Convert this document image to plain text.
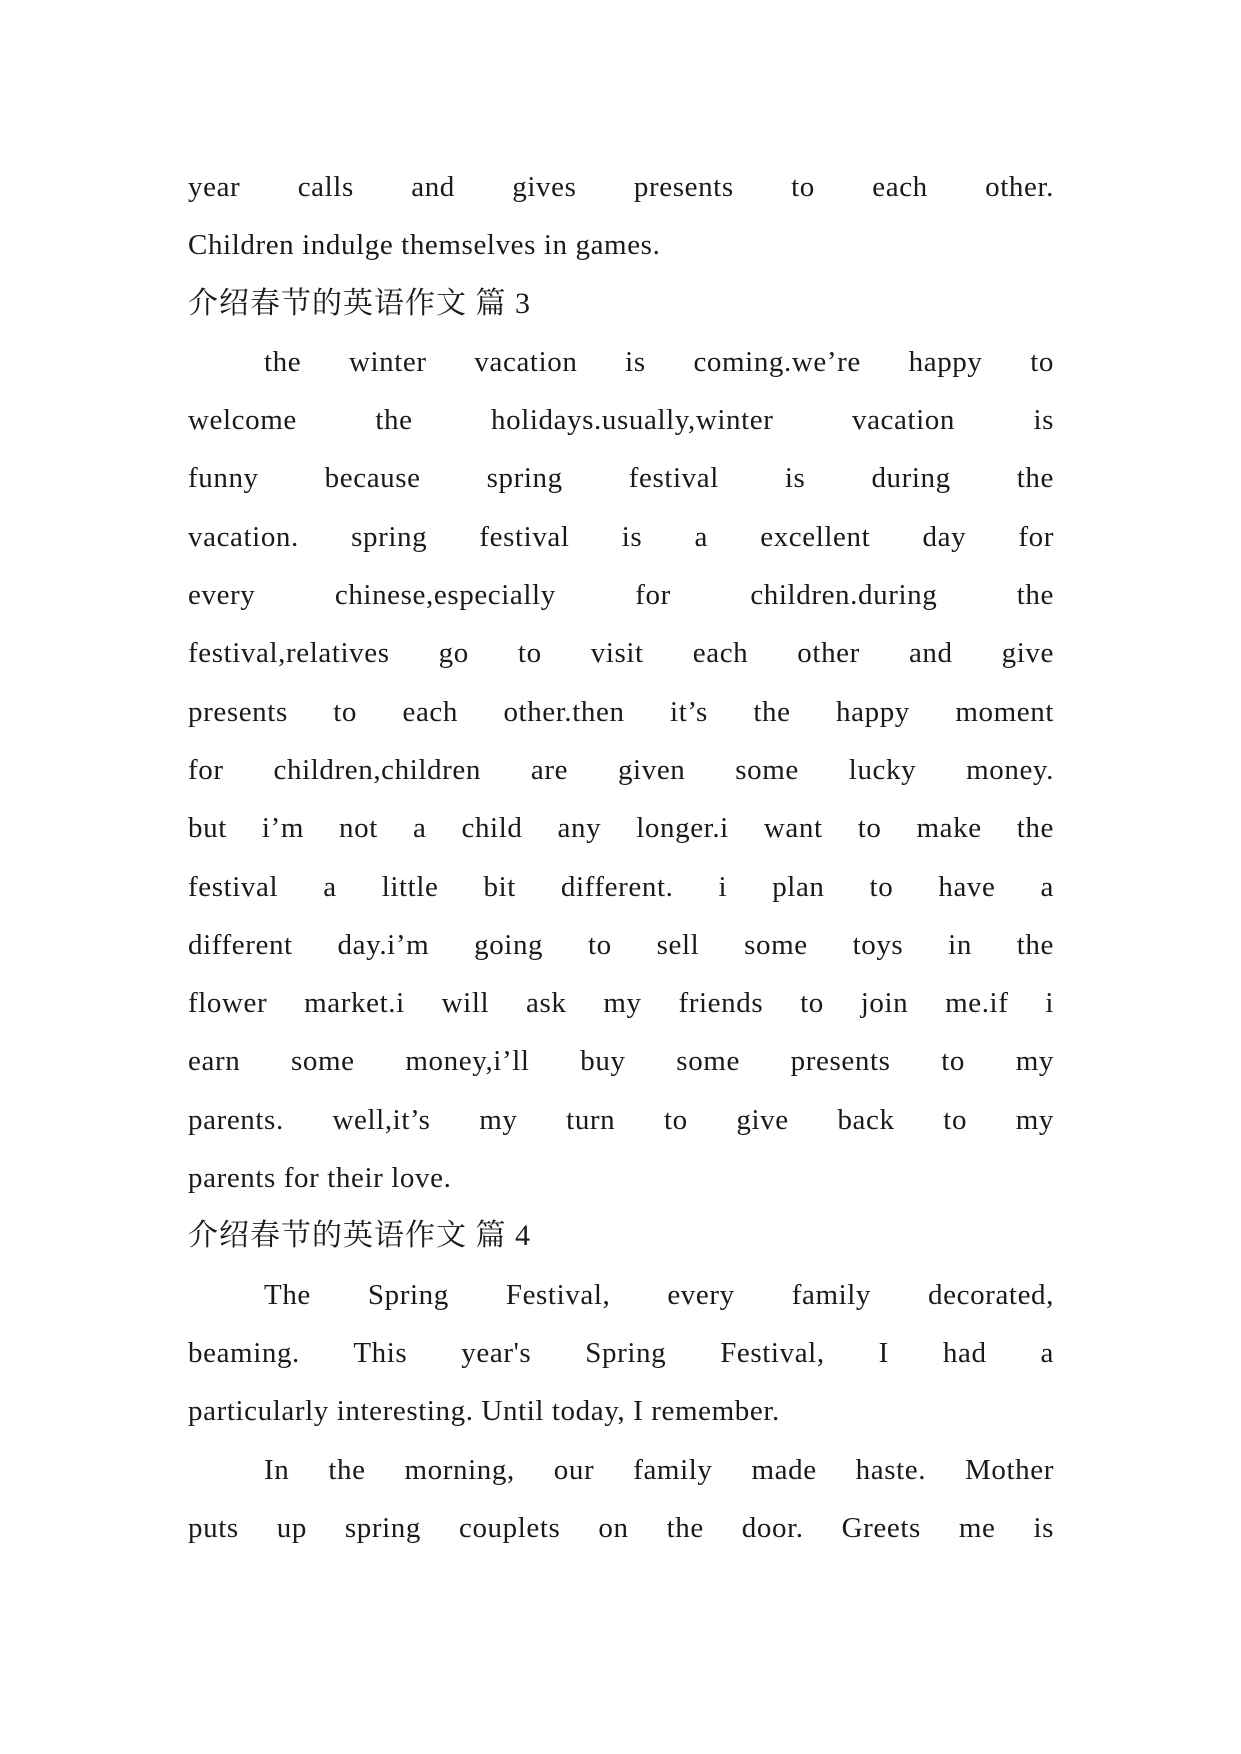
year calls and gives presents to each other.
Children indulge themselves in games.
介绍春节的英语作文 篇 3
the winter vacation is coming.we’re happy to
welcome the holidays.usually,winter vacation is
funny because spring festival is during the
vacation. spring festival is a excellent day for
every chinese,especially for children.during the
festival,relatives go to visit each other and give
presents to each other.then it’s the happy moment
for children,children are given some lucky money.
but i’m not a child any longer.i want to make the
festival a little bit different. i plan to have a
different day.i’m going to sell some toys in the
flower market.i will ask my friends to join me.if i
earn some money,i’ll buy some presents to my
parents. well,it’s my turn to give back to my
parents for their love.
介绍春节的英语作文 篇 4
The Spring Festival, every family decorated,
beaming. This year's Spring Festival, I had a
particularly interesting. Until today, I remember.
In the morning, our family made haste. Mother
puts up spring couplets on the door. Greets me is
